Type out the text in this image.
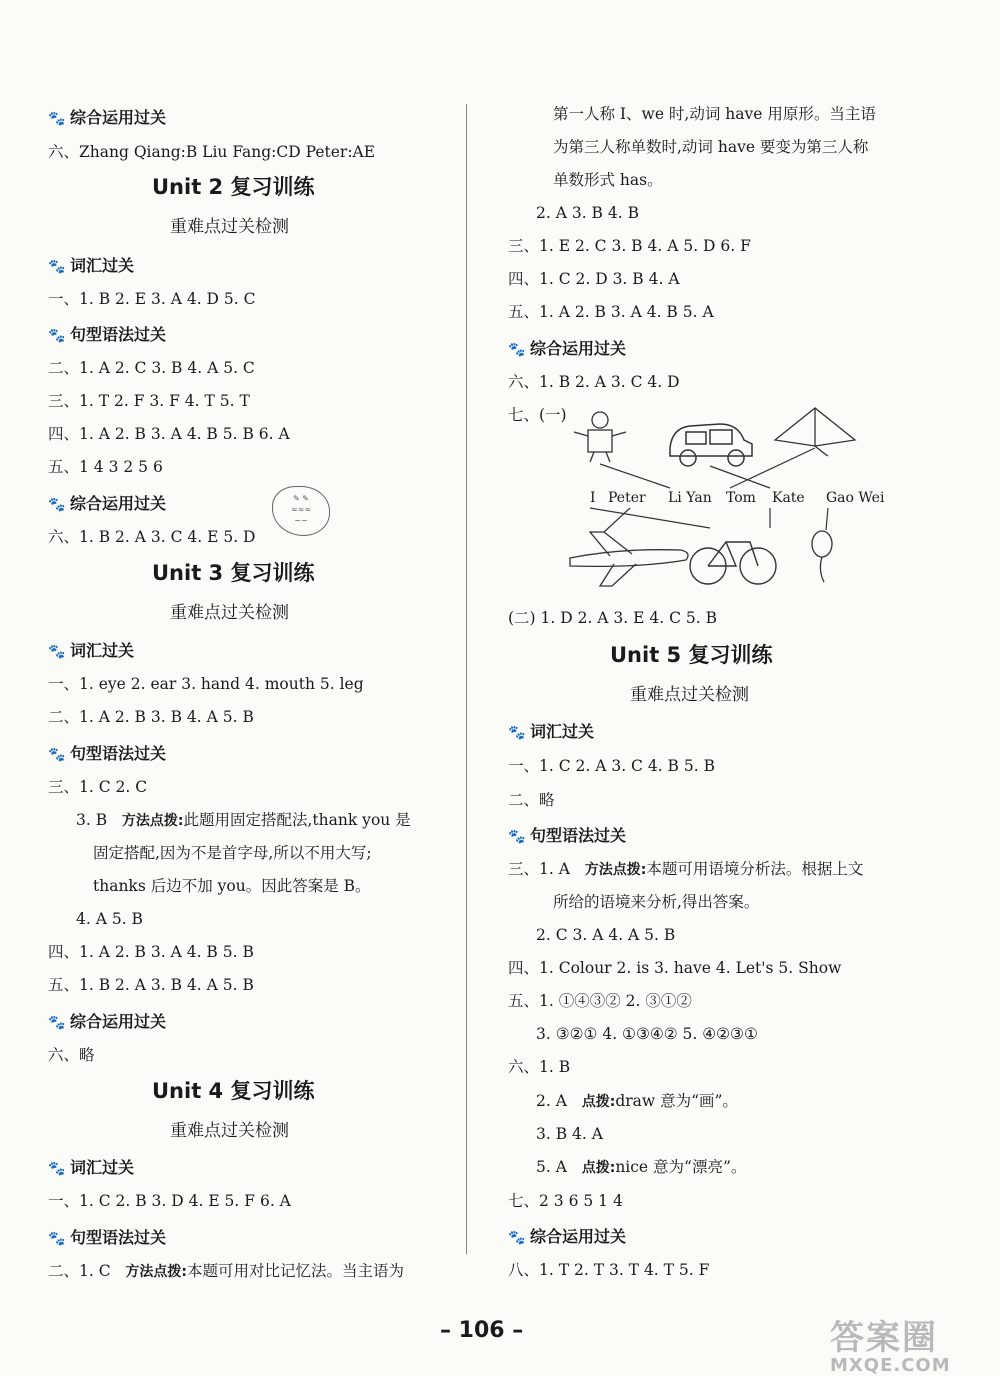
🐾 综合运用过关
六、Zhang Qiang:B Liu Fang:CD Peter:AE
Unit 2 复习训练
重难点过关检测
🐾 词汇过关
一、1. B 2. E 3. A 4. D 5. C
🐾 句型语法过关
二、1. A 2. C 3. B 4. A 5. C
三、1. T 2. F 3. F 4. T 5. T
四、1. A 2. B 3. A 4. B 5. B 6. A
五、1 4 3 2 5 6
🐾 综合运用过关
六、1. B 2. A 3. C 4. E 5. D
Unit 3 复习训练
重难点过关检测
🐾 词汇过关
一、1. eye 2. ear 3. hand 4. mouth 5. leg
二、1. A 2. B 3. B 4. A 5. B
🐾 句型语法过关
三、1. C 2. C
3. B 方法点拨:此题用固定搭配法,thank you 是
固定搭配,因为不是首字母,所以不用大写;
thanks 后边不加 you。因此答案是 B。
4. A 5. B
四、1. A 2. B 3. A 4. B 5. B
五、1. B 2. A 3. B 4. A 5. B
🐾 综合运用过关
六、略
Unit 4 复习训练
重难点过关检测
🐾 词汇过关
一、1. C 2. B 3. D 4. E 5. F 6. A
🐾 句型语法过关
二、1. C 方法点拨:本题可用对比记忆法。当主语为
✎ ✎
≈≈≈
~~
第一人称 I、we 时,动词 have 用原形。当主语
为第三人称单数时,动词 have 要变为第三人称
单数形式 has。
2. A 3. B 4. B
三、1. E 2. C 3. B 4. A 5. D 6. F
四、1. C 2. D 3. B 4. A
五、1. A 2. B 3. A 4. B 5. A
🐾 综合运用过关
六、1. B 2. A 3. C 4. D
七、(一)
(二) 1. D 2. A 3. E 4. C 5. B
Unit 5 复习训练
重难点过关检测
🐾 词汇过关
一、1. C 2. A 3. C 4. B 5. B
二、略
🐾 句型语法过关
三、1. A 方法点拨:本题可用语境分析法。根据上文
所给的语境来分析,得出答案。
2. C 3. A 4. A 5. B
四、1. Colour 2. is 3. have 4. Let's 5. Show
五、1. ①④③② 2. ③①②
3. ③②① 4. ①③④② 5. ④②③①
六、1. B
2. A 点拨:draw 意为“画”。
3. B 4. A
5. A 点拨:nice 意为“漂亮”。
七、2 3 6 5 1 4
🐾 综合运用过关
八、1. T 2. T 3. T 4. T 5. F
I Peter Li Yan Tom Kate Gao Wei
– 106 –	答案圈
MXQE.COM
